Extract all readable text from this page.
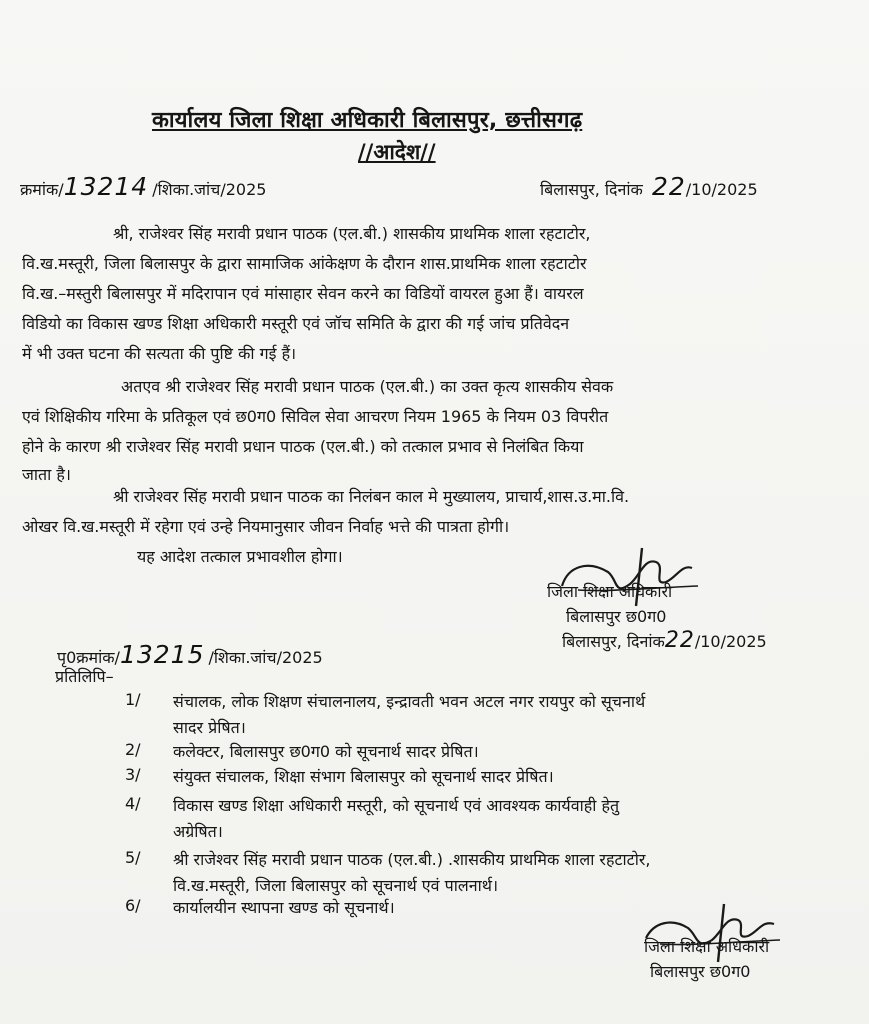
कार्यालय जिला शिक्षा अधिकारी बिलासपुर, छत्तीसगढ़
//आदेश//
क्रमांक/13214 /शिका.जांच/2025	बिलासपुर, दिनांक 22/10/2025
श्री, राजेश्वर सिंह मरावी प्रधान पाठक (एल.बी.) शासकीय प्राथमिक शाला रहटाटोर,
वि.ख.मस्तूरी, जिला बिलासपुर के द्वारा सामाजिक आंकेक्षण के दौरान शास.प्राथमिक शाला रहटाटोर
वि.ख.–मस्तुरी बिलासपुर में मदिरापान एवं मांसाहार सेवन करने का विडियों वायरल हुआ हैं। वायरल
विडियो का विकास खण्ड शिक्षा अधिकारी मस्तूरी एवं जॉच समिति के द्वारा की गई जांच प्रतिवेदन
में भी उक्त घटना की सत्यता की पुष्टि की गई हैं।
अतएव श्री राजेश्वर सिंह मरावी प्रधान पाठक (एल.बी.) का उक्त कृत्य शासकीय सेवक
एवं शिक्षिकीय गरिमा के प्रतिकूल एवं छ0ग0 सिविल सेवा आचरण नियम 1965 के नियम 03 विपरीत
होने के कारण श्री राजेश्वर सिंह मरावी प्रधान पाठक (एल.बी.) को तत्काल प्रभाव से निलंबित किया
जाता है।
श्री राजेश्वर सिंह मरावी प्रधान पाठक का निलंबन काल मे मुख्यालय, प्राचार्य,शास.उ.मा.वि.
ओखर वि.ख.मस्तूरी में रहेगा एवं उन्हे नियमानुसार जीवन निर्वाह भत्ते की पात्रता होगी।
यह आदेश तत्काल प्रभावशील होगा।
जिला शिक्षा अधिकारी
बिलासपुर छ0ग0
बिलासपुर, दिनांक22/10/2025
पृ0क्रमांक/13215 /शिका.जांच/2025
प्रतिलिपि–
1/	संचालक, लोक शिक्षण संचालनालय, इन्द्रावती भवन अटल नगर रायपुर को सूचनार्थ
सादर प्रेषित।
2/	कलेक्टर, बिलासपुर छ0ग0 को सूचनार्थ सादर प्रेषित।
3/	संयुक्त संचालक, शिक्षा संभाग बिलासपुर को सूचनार्थ सादर प्रेषित।
4/	विकास खण्ड शिक्षा अधिकारी मस्तूरी, को सूचनार्थ एवं आवश्यक कार्यवाही हेतु
अग्रेषित।
5/	श्री राजेश्वर सिंह मरावी प्रधान पाठक (एल.बी.) .शासकीय प्राथमिक शाला रहटाटोर,
वि.ख.मस्तूरी, जिला बिलासपुर को सूचनार्थ एवं पालनार्थ।
6/	कार्यालयीन स्थापना खण्ड को सूचनार्थ।
जिला शिक्षा अधिकारी
बिलासपुर छ0ग0
